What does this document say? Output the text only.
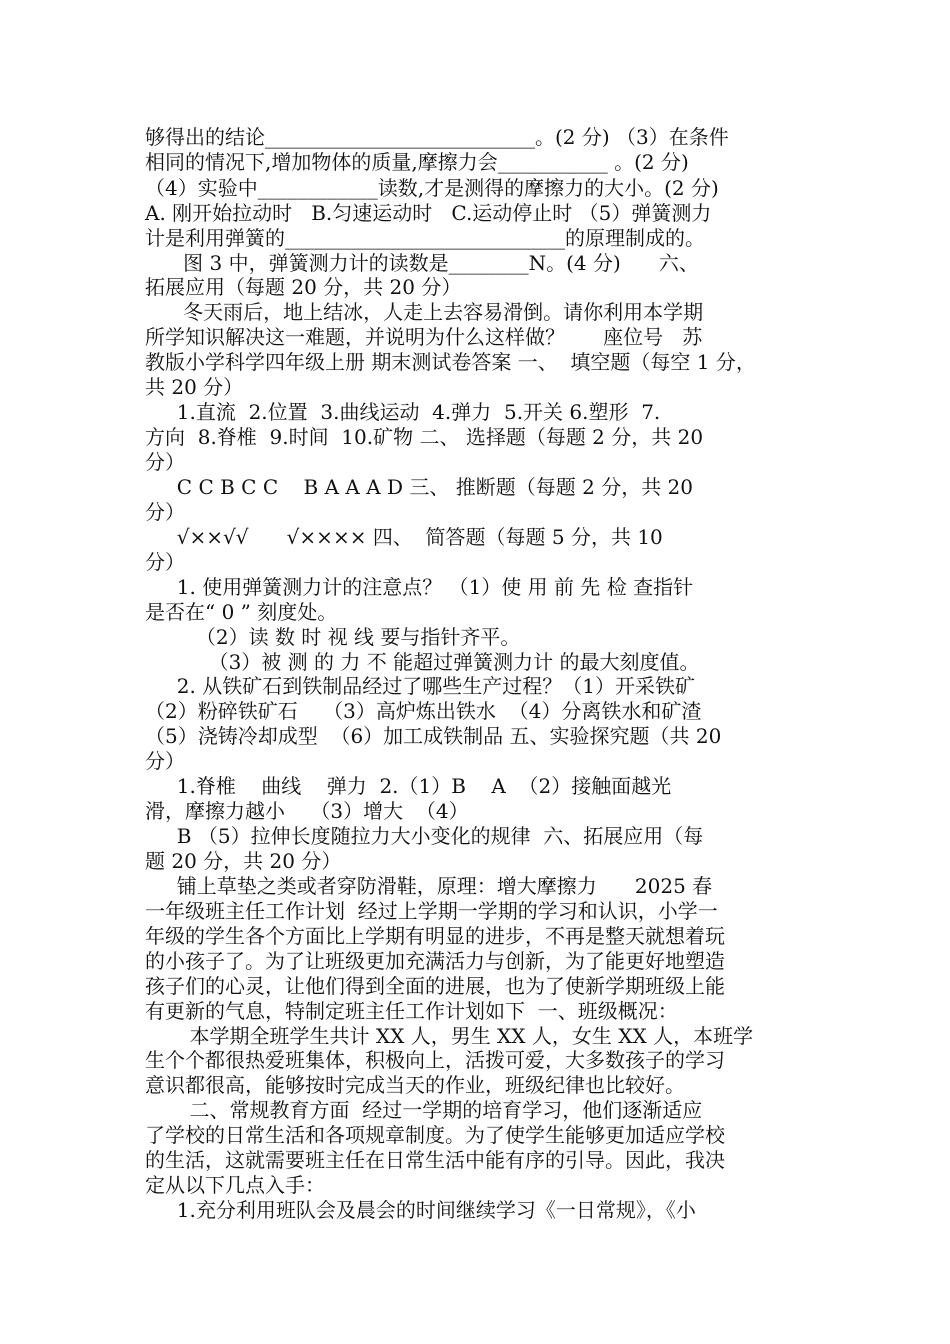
够得出的结论___________________________。(2 分) （3）在条件
相同的情况下,增加物体的质量,摩擦力会___________ 。(2 分)
（4）实验中____________读数,才是测得的摩擦力的大小。(2 分)
A. 刚开始拉动时   B.匀速运动时   C.运动停止时 （5）弹簧测力
计是利用弹簧的____________________________的原理制成的。
图 3 中，弹簧测力计的读数是________N。(4 分)      六、
拓展应用（每题 20 分，共 20 分）
冬天雨后，地上结冰，人走上去容易滑倒。请你利用本学期
所学知识解决这一难题，并说明为什么这样做？      座位号   苏
教版小学科学四年级上册 期末测试卷答案 一、  填空题（每空 1 分，
共 20 分）
1.直流  2.位置  3.曲线运动  4.弹力  5.开关 6.塑形  7.
方向  8.脊椎  9.时间  10.矿物 二、 选择题（每题 2 分，共 20
分）
C C B C C    B A A A D 三、 推断题（每题 2 分，共 20
分）
√××√√      √×××× 四、  简答题（每题 5 分，共 10
分）
1. 使用弹簧测力计的注意点？ （1）使 用 前 先 检 查指针
是否在“ 0 ” 刻度处。
（2）读 数 时 视 线 要与指针齐平。
（3）被 测 的 力 不 能超过弹簧测力计 的最大刻度值。
2. 从铁矿石到铁制品经过了哪些生产过程？（1）开采铁矿
（2）粉碎铁矿石    （3）高炉炼出铁水  （4）分离铁水和矿渣
（5）浇铸冷却成型  （6）加工成铁制品 五、实验探究题（共 20
分）
1.脊椎    曲线    弹力  2.（1）B    A  （2）接触面越光
滑，摩擦力越小    （3）增大  （4）
B （5）拉伸长度随拉力大小变化的规律  六、拓展应用（每
题 20 分，共 20 分）
铺上草垫之类或者穿防滑鞋，原理：增大摩擦力      2025 春
一年级班主任工作计划  经过上学期一学期的学习和认识，小学一
年级的学生各个方面比上学期有明显的进步，不再是整天就想着玩
的小孩子了。为了让班级更加充满活力与创新，为了能更好地塑造
孩子们的心灵，让他们得到全面的进展，也为了使新学期班级上能
有更新的气息，特制定班主任工作计划如下  一、班级概况：
本学期全班学生共计 XX 人，男生 XX 人，女生 XX 人，本班学
生个个都很热爱班集体，积极向上，活拨可爱，大多数孩子的学习
意识都很高，能够按时完成当天的作业，班级纪律也比较好。
二、常规教育方面  经过一学期的培育学习，他们逐渐适应
了学校的日常生活和各项规章制度。为了使学生能够更加适应学校
的生活，这就需要班主任在日常生活中能有序的引导。因此，我决
定从以下几点入手：
1.充分利用班队会及晨会的时间继续学习《一日常规》，《小
